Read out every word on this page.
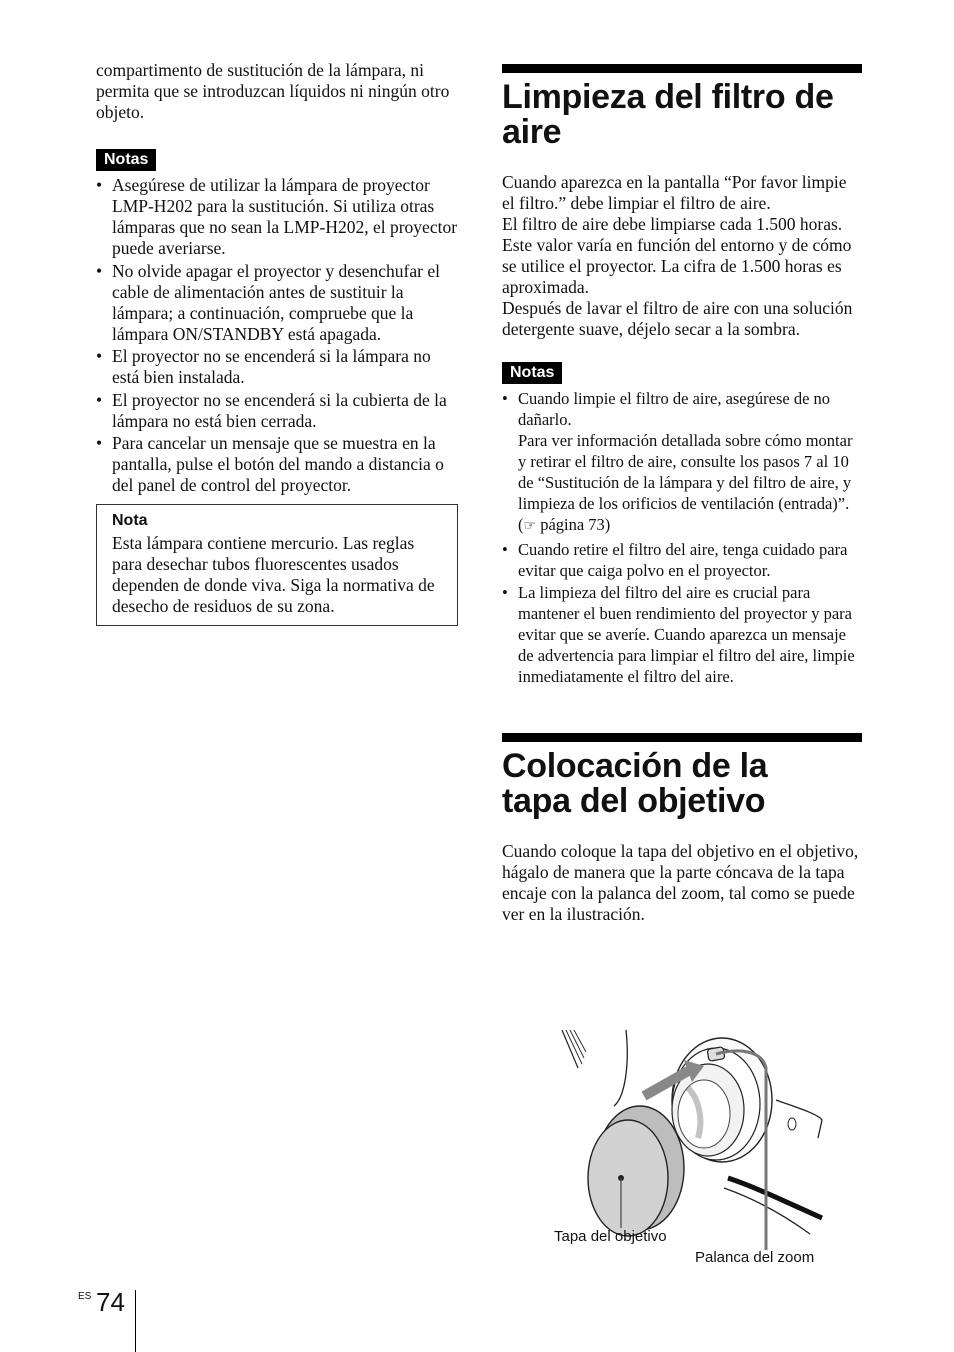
compartimento de sustitución de la lámpara, ni permita que se introduzcan líquidos ni ningún otro objeto.

Notas
• Asegúrese de utilizar la lámpara de proyector LMP-H202 para la sustitución. Si utiliza otras lámparas que no sean la LMP-H202, el proyector puede averiarse.
• No olvide apagar el proyector y desenchufar el cable de alimentación antes de sustituir la lámpara; a continuación, compruebe que la lámpara ON/STANDBY está apagada.
• El proyector no se encenderá si la lámpara no está bien instalada.
• El proyector no se encenderá si la cubierta de la lámpara no está bien cerrada.
• Para cancelar un mensaje que se muestra en la pantalla, pulse el botón del mando a distancia o del panel de control del proyector.
Nota
Esta lámpara contiene mercurio. Las reglas para desechar tubos fluorescentes usados dependen de donde viva. Siga la normativa de desecho de residuos de su zona.
Limpieza del filtro de aire

Cuando aparezca en la pantalla “Por favor limpie el filtro.” debe limpiar el filtro de aire.

El filtro de aire debe limpiarse cada 1.500 horas. Este valor varía en función del entorno y de cómo se utilice el proyector. La cifra de 1.500 horas es aproximada.

Después de lavar el filtro de aire con una solución detergente suave, déjelo secar a la sombra.

Notas
• Cuando limpie el filtro de aire, asegúrese de no dañarlo.
Para ver información detallada sobre cómo montar y retirar el filtro de aire, consulte los pasos 7 al 10 de “Sustitución de la lámpara y del filtro de aire, y limpieza de los orificios de ventilación (entrada)”. (☞ página 73)
• Cuando retire el filtro del aire, tenga cuidado para evitar que caiga polvo en el proyector.
• La limpieza del filtro del aire es crucial para mantener el buen rendimiento del proyector y para evitar que se averíe. Cuando aparezca un mensaje de advertencia para limpiar el filtro del aire, limpie inmediatamente el filtro del aire.
Colocación de la tapa del objetivo

Cuando coloque la tapa del objetivo en el objetivo, hágalo de manera que la parte cóncava de la tapa encaje con la palanca del zoom, tal como se puede ver en la ilustración.

Tapa del objetivo
Palanca del zoom
ES 74
